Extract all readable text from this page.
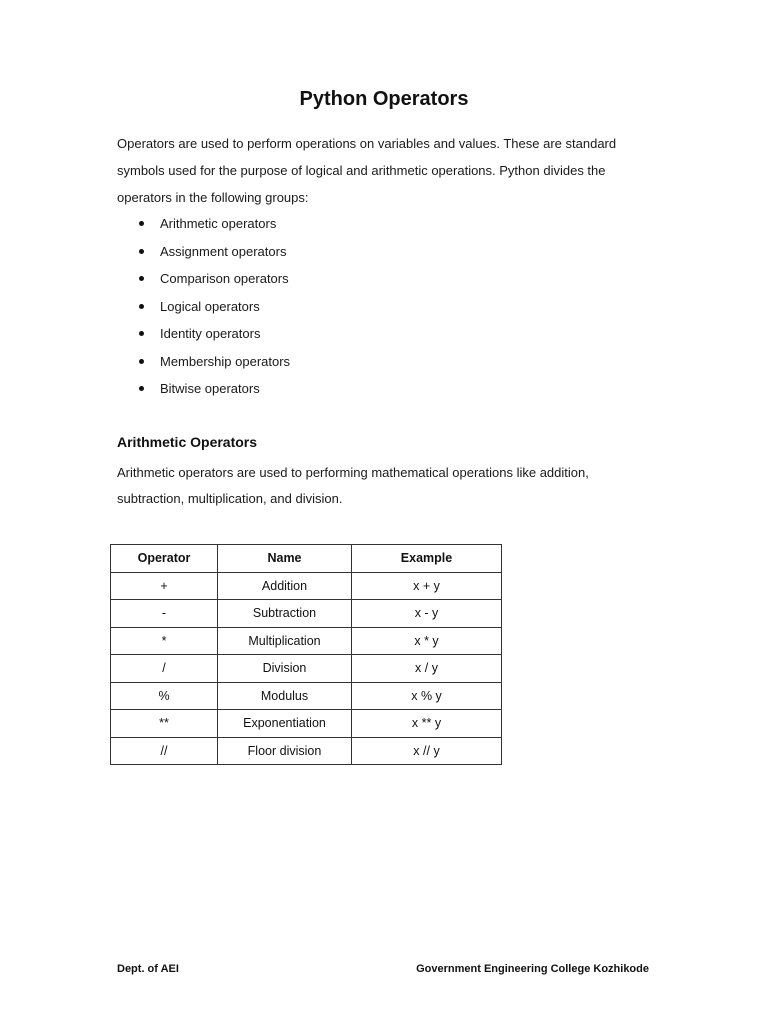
Python Operators
Operators are used to perform operations on variables and values. These are standard
symbols used for the purpose of logical and arithmetic operations. Python divides the
operators in the following groups:
Arithmetic operators
Assignment operators
Comparison operators
Logical operators
Identity operators
Membership operators
Bitwise operators
Arithmetic Operators
Arithmetic operators are used to performing mathematical operations like addition,
subtraction, multiplication, and division.
Operator	Name	Example
+	Addition	x + y
-	Subtraction	x - y
*	Multiplication	x * y
/	Division	x / y
%	Modulus	x % y
**	Exponentiation	x ** y
//	Floor division	x // y
Dept. of AEI	Government Engineering College Kozhikode
